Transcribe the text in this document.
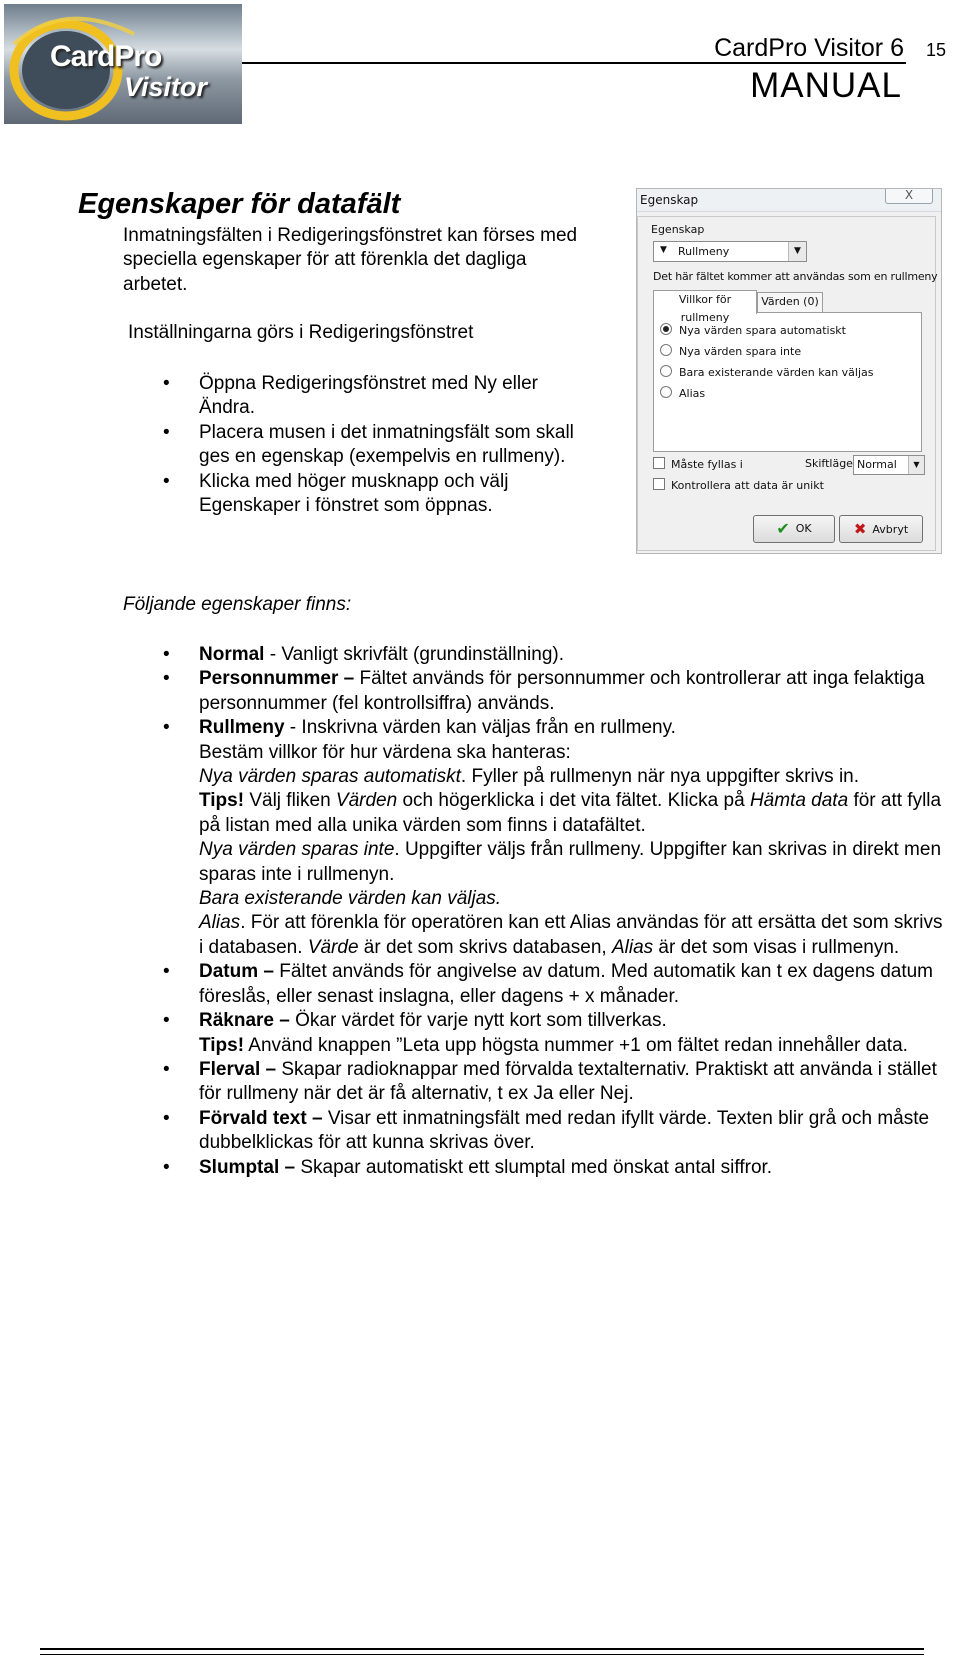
CardPro
Visitor
CardPro Visitor 6 15
MANUAL
Egenskaper för datafält
Inmatningsfälten i Redigeringsfönstret kan förses med speciella egenskaper för att förenkla det dagliga arbetet.
Inställningarna görs i Redigeringsfönstret
• Öppna Redigeringsfönstret med Ny eller Ändra.
• Placera musen i det inmatningsfält som skall ges en egenskap (exempelvis en rullmeny).
• Klicka med höger musknapp och välj Egenskaper i fönstret som öppnas.
Följande egenskaper finns:
• Normal - Vanligt skrivfält (grundinställning).
• Personnummer – Fältet används för personnummer och kontrollerar att inga felaktiga personnummer (fel kontrollsiffra) används.
• Rullmeny - Inskrivna värden kan väljas från en rullmeny.
Bestäm villkor för hur värdena ska hanteras:
Nya värden sparas automatiskt. Fyller på rullmenyn när nya uppgifter skrivs in.
Tips! Välj fliken Värden och högerklicka i det vita fältet. Klicka på Hämta data för att fylla på listan med alla unika värden som finns i datafältet.
Nya värden sparas inte. Uppgifter väljs från rullmeny. Uppgifter kan skrivas in direkt men sparas inte i rullmenyn.
Bara existerande värden kan väljas.
Alias. För att förenkla för operatören kan ett Alias användas för att ersätta det som skrivs i databasen. Värde är det som skrivs databasen, Alias är det som visas i rullmenyn.
• Datum – Fältet används för angivelse av datum. Med automatik kan t ex dagens datum föreslås, eller senast inslagna, eller dagens + x månader.
• Räknare – Ökar värdet för varje nytt kort som tillverkas.
Tips! Använd knappen ”Leta upp högsta nummer +1 om fältet redan innehåller data.
• Flerval – Skapar radioknappar med förvalda textalternativ. Praktiskt att använda i stället för rullmeny när det är få alternativ, t ex Ja eller Nej.
• Förvald text – Visar ett inmatningsfält med redan ifyllt värde. Texten blir grå och måste dubbelklickas för att kunna skrivas över.
• Slumptal – Skapar automatiskt ett slumptal med önskat antal siffror.
Egenskap	X
Egenskap
▼ Rullmeny	▼
Det här fältet kommer att användas som en rullmeny
Villkor för rullmeny
Värden (0)
Nya värden spara automatiskt
Nya värden spara inte
Bara existerande värden kan väljas
Alias
Måste fyllas i
Kontrollera att data är unikt
Skiftläge Normal	▼
✔ OK	✖ Avbryt
